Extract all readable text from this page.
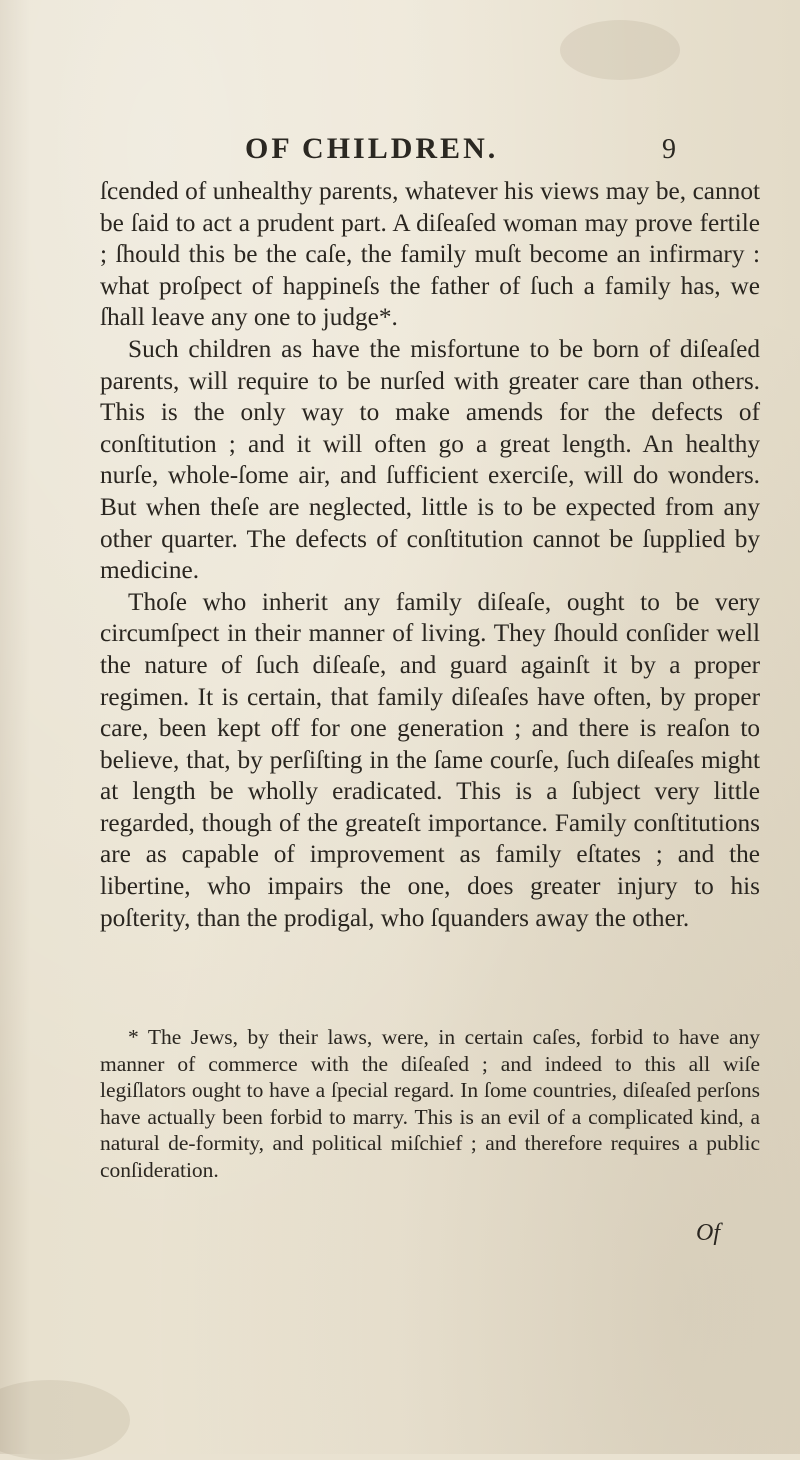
OF CHILDREN.	9

ſcended of unhealthy parents, whatever his views may be, cannot be ſaid to act a prudent part. A diſeaſed woman may prove fertile ; ſhould this be the caſe, the family muſt become an infirmary : what proſpect of happineſs the father of ſuch a family has, we ſhall leave any one to judge*.

Such children as have the misfortune to be born of diſeaſed parents, will require to be nurſed with greater care than others. This is the only way to make amends for the defects of conſtitution ; and it will often go a great length. An healthy nurſe, whole-ſome air, and ſufficient exerciſe, will do wonders. But when theſe are neglected, little is to be expected from any other quarter. The defects of conſtitution cannot be ſupplied by medicine.

Thoſe who inherit any family diſeaſe, ought to be very circumſpect in their manner of living. They ſhould conſider well the nature of ſuch diſeaſe, and guard againſt it by a proper regimen. It is certain, that family diſeaſes have often, by proper care, been kept off for one generation ; and there is reaſon to believe, that, by perſiſting in the ſame courſe, ſuch diſeaſes might at length be wholly eradicated. This is a ſubject very little regarded, though of the greateſt importance. Family conſtitutions are as capable of improvement as family eſtates ; and the libertine, who impairs the one, does greater injury to his poſterity, than the prodigal, who ſquanders away the other.

* The Jews, by their laws, were, in certain caſes, forbid to have any manner of commerce with the diſeaſed ; and indeed to this all wiſe legiſlators ought to have a ſpecial regard. In ſome countries, diſeaſed perſons have actually been forbid to marry. This is an evil of a complicated kind, a natural de-formity, and political miſchief ; and therefore requires a public conſideration.

Of
